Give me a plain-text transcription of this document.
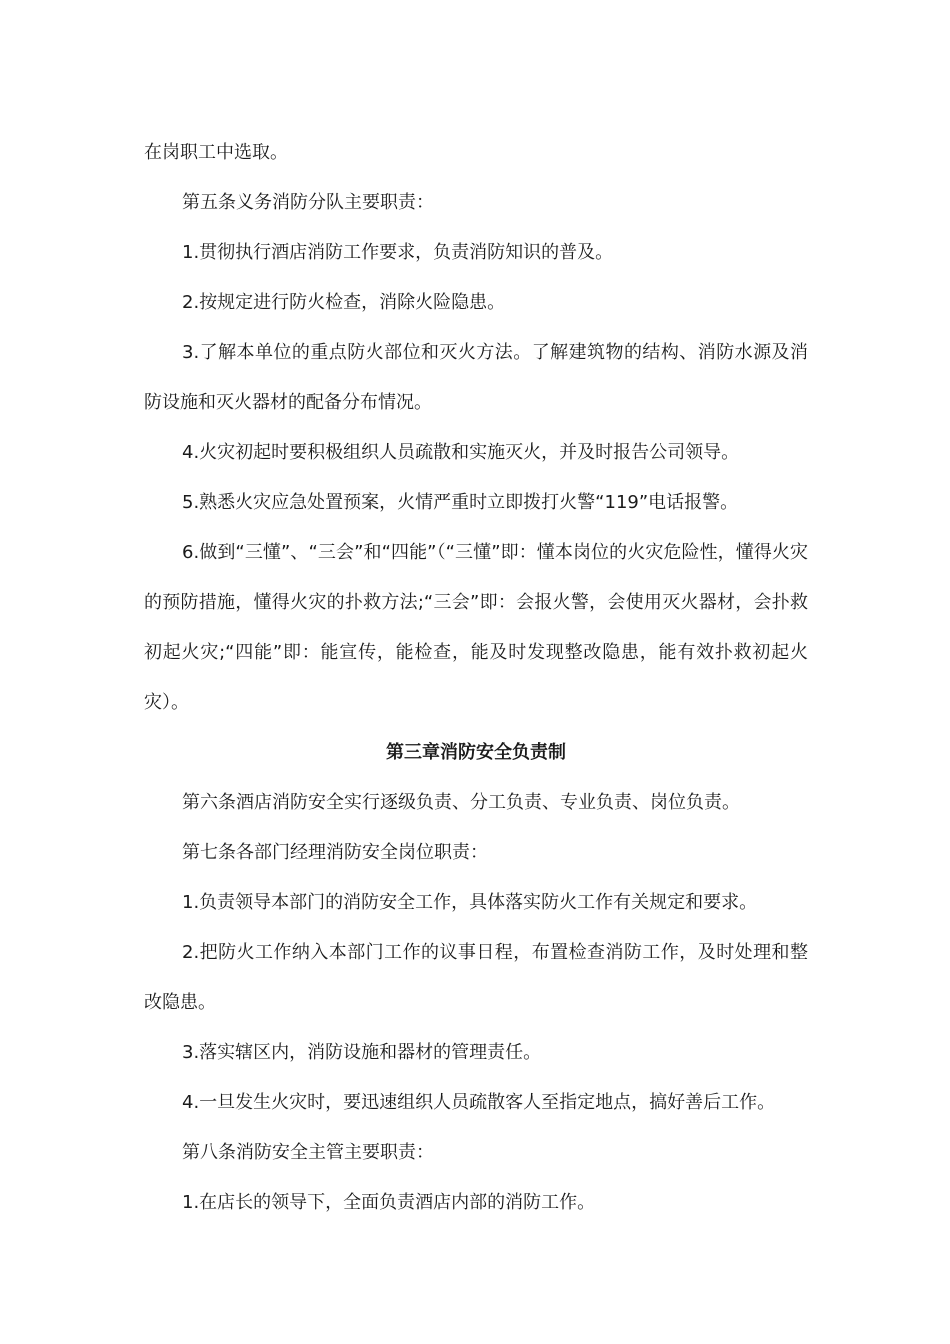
在岗职工中选取。

第五条义务消防分队主要职责：

1.贯彻执行酒店消防工作要求，负责消防知识的普及。

2.按规定进行防火检查，消除火险隐患。

3.了解本单位的重点防火部位和灭火方法。了解建筑物的结构、消防水源及消防设施和灭火器材的配备分布情况。

4.火灾初起时要积极组织人员疏散和实施灭火，并及时报告公司领导。

5.熟悉火灾应急处置预案，火情严重时立即拨打火警“119”电话报警。

6.做到“三懂”、“三会”和“四能”（“三懂”即：懂本岗位的火灾危险性，懂得火灾的预防措施，懂得火灾的扑救方法;“三会”即：会报火警，会使用灭火器材，会扑救初起火灾;“四能”即：能宣传，能检查，能及时发现整改隐患，能有效扑救初起火灾）。

第三章消防安全负责制

第六条酒店消防安全实行逐级负责、分工负责、专业负责、岗位负责。

第七条各部门经理消防安全岗位职责：

1.负责领导本部门的消防安全工作，具体落实防火工作有关规定和要求。

2.把防火工作纳入本部门工作的议事日程，布置检查消防工作，及时处理和整改隐患。

3.落实辖区内，消防设施和器材的管理责任。

4.一旦发生火灾时，要迅速组织人员疏散客人至指定地点，搞好善后工作。

第八条消防安全主管主要职责：

1.在店长的领导下，全面负责酒店内部的消防工作。
